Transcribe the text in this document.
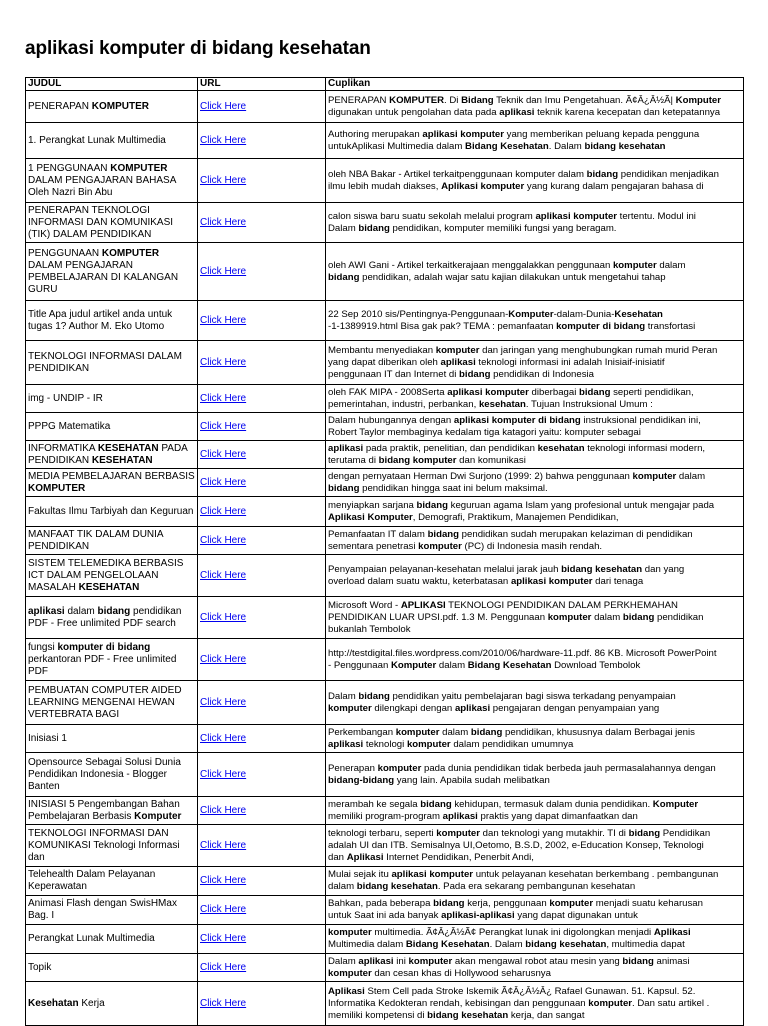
aplikasi komputer di bidang kesehatan
JUDUL	URL	Cuplikan
PENERAPAN KOMPUTER	Click Here	PENERAPAN KOMPUTER. Di Bidang Teknik dan Imu Pengetahuan. Ã¢Â¿Â½Ã| Komputer
digunakan untuk pengolahan data pada aplikasi teknik karena kecepatan dan ketepatannya

1. Perangkat Lunak Multimedia	Click Here	Authoring merupakan aplikasi komputer yang memberikan peluang kepada pengguna
untukAplikasi Multimedia dalam Bidang Kesehatan. Dalam bidang kesehatan

1 PENGGUNAAN KOMPUTER DALAM PENGAJARAN BAHASA Oleh Nazri Bin Abu	Click Here	oleh NBA Bakar - Artikel terkaitpenggunaan komputer dalam bidang pendidikan menjadikan
ilmu lebih mudah diakses, Aplikasi komputer yang kurang dalam pengajaran bahasa di

PENERAPAN TEKNOLOGI INFORMASI DAN KOMUNIKASI (TIK) DALAM PENDIDIKAN	Click Here	calon siswa baru suatu sekolah melalui program aplikasi komputer tertentu. Modul ini
Dalam bidang pendidikan, komputer memiliki fungsi yang beragam.

PENGGUNAAN KOMPUTER DALAM PENGAJARAN PEMBELAJARAN DI KALANGAN GURU	Click Here	oleh AWI Gani - Artikel terkaitkerajaan menggalakkan penggunaan komputer dalam
bidang pendidikan, adalah wajar satu kajian dilakukan untuk mengetahui tahap

Title Apa judul artikel anda untuk tugas 1? Author M. Eko Utomo	Click Here	22 Sep 2010 sis/Pentingnya-Penggunaan-Komputer-dalam-Dunia-Kesehatan
-1-1389919.html Bisa gak pak? TEMA : pemanfaatan komputer di bidang transfortasi

TEKNOLOGI INFORMASI DALAM PENDIDIKAN	Click Here	Membantu menyediakan komputer dan jaringan yang menghubungkan rumah murid Peran
yang dapat diberikan oleh aplikasi teknologi informasi ini adalah Inisiaif-inisiatif
penggunaan IT dan Internet di bidang pendidikan di Indonesia

img - UNDIP - IR	Click Here	oleh FAK MIPA - 2008Serta aplikasi komputer diberbagai bidang seperti pendidikan,
pemerintahan, industri, perbankan, kesehatan. Tujuan Instruksional Umum :

PPPG Matematika	Click Here	Dalam hubungannya dengan aplikasi komputer di bidang instruksional pendidikan ini,
Robert Taylor membaginya kedalam tiga katagori yaitu: komputer sebagai

INFORMATIKA KESEHATAN PADA PENDIDIKAN KESEHATAN	Click Here	aplikasi pada praktik, penelitian, dan pendidikan kesehatan teknologi informasi modern,
terutama di bidang komputer dan komunikasi

MEDIA PEMBELAJARAN BERBASIS KOMPUTER	Click Here	dengan pernyataan Herman Dwi Surjono (1999: 2) bahwa penggunaan komputer dalam
bidang pendidikan hingga saat ini belum maksimal.

Fakultas Ilmu Tarbiyah dan Keguruan	Click Here	menyiapkan sarjana bidang keguruan agama Islam yang profesional untuk mengajar pada
Aplikasi Komputer, Demografi, Praktikum, Manajemen Pendidikan,

MANFAAT TIK DALAM DUNIA PENDIDIKAN	Click Here	Pemanfaatan IT dalam bidang pendidikan sudah merupakan kelaziman di pendidikan
sementara penetrasi komputer (PC) di Indonesia masih rendah.

SISTEM TELEMEDIKA BERBASIS ICT DALAM PENGELOLAAN MASALAH KESEHATAN	Click Here	Penyampaian pelayanan-kesehatan melalui jarak jauh bidang kesehatan dan yang
overload dalam suatu waktu, keterbatasan aplikasi komputer dari tenaga

aplikasi dalam bidang pendidikan PDF - Free unlimited PDF search	Click Here	Microsoft Word - APLIKASI TEKNOLOGI PENDIDIKAN DALAM PERKHEMAHAN
PENDIDIKAN LUAR UPSI.pdf. 1.3 M. Penggunaan komputer dalam bidang pendidikan
bukanlah Tembolok

fungsi komputer di bidang perkantoran PDF - Free unlimited PDF	Click Here	http://testdigital.files.wordpress.com/2010/06/hardware-11.pdf. 86 KB. Microsoft PowerPoint
- Penggunaan Komputer dalam Bidang Kesehatan Download Tembolok

PEMBUATAN COMPUTER AIDED LEARNING MENGENAI HEWAN VERTEBRATA BAGI	Click Here	Dalam bidang pendidikan yaitu pembelajaran bagi siswa terkadang penyampaian
komputer dilengkapi dengan aplikasi pengajaran dengan penyampaian yang

Inisiasi 1	Click Here	Perkembangan komputer dalam bidang pendidikan, khususnya dalam Berbagai jenis
aplikasi teknologi komputer dalam pendidikan umumnya

Opensource Sebagai Solusi Dunia Pendidikan Indonesia - Blogger Banten	Click Here	Penerapan komputer pada dunia pendidikan tidak berbeda jauh permasalahannya dengan
bidang-bidang yang lain. Apabila sudah melibatkan

INISIASI 5 Pengembangan Bahan Pembelajaran Berbasis Komputer	Click Here	merambah ke segala bidang kehidupan, termasuk dalam dunia pendidikan. Komputer
memiliki program-program aplikasi praktis yang dapat dimanfaatkan dan

TEKNOLOGI INFORMASI DAN KOMUNIKASI Teknologi Informasi dan	Click Here	teknologi terbaru, seperti komputer dan teknologi yang mutakhir. TI di bidang Pendidikan
adalah UI dan ITB. Semisalnya UI,Oetomo, B.S.D, 2002, e-Education Konsep, Teknologi
dan Aplikasi Internet Pendidikan, Penerbit Andi,

Telehealth Dalam Pelayanan Keperawatan	Click Here	Mulai sejak itu aplikasi komputer untuk pelayanan kesehatan berkembang . pembangunan
dalam bidang kesehatan. Pada era sekarang pembangunan kesehatan

Animasi Flash dengan SwisHMax Bag. I	Click Here	Bahkan, pada beberapa bidang kerja, penggunaan komputer menjadi suatu keharusan
untuk Saat ini ada banyak aplikasi-aplikasi yang dapat digunakan untuk

Perangkat Lunak Multimedia	Click Here	komputer multimedia. Ã¢Â¿Â½Ã¢ Perangkat lunak ini digolongkan menjadi Aplikasi
Multimedia dalam Bidang Kesehatan. Dalam bidang kesehatan, multimedia dapat

Topik	Click Here	Dalam aplikasi ini komputer akan mengawal robot atau mesin yang bidang animasi
komputer dan cesan khas di Hollywood seharusnya

Kesehatan Kerja	Click Here	Aplikasi Stem Cell pada Stroke Iskemik Ã¢Â¿Â½Â¿ Rafael Gunawan. 51. Kapsul. 52.
Informatika Kedokteran rendah, kebisingan dan penggunaan komputer. Dan satu artikel .
memiliki kompetensi di bidang kesehatan kerja, dan sangat
